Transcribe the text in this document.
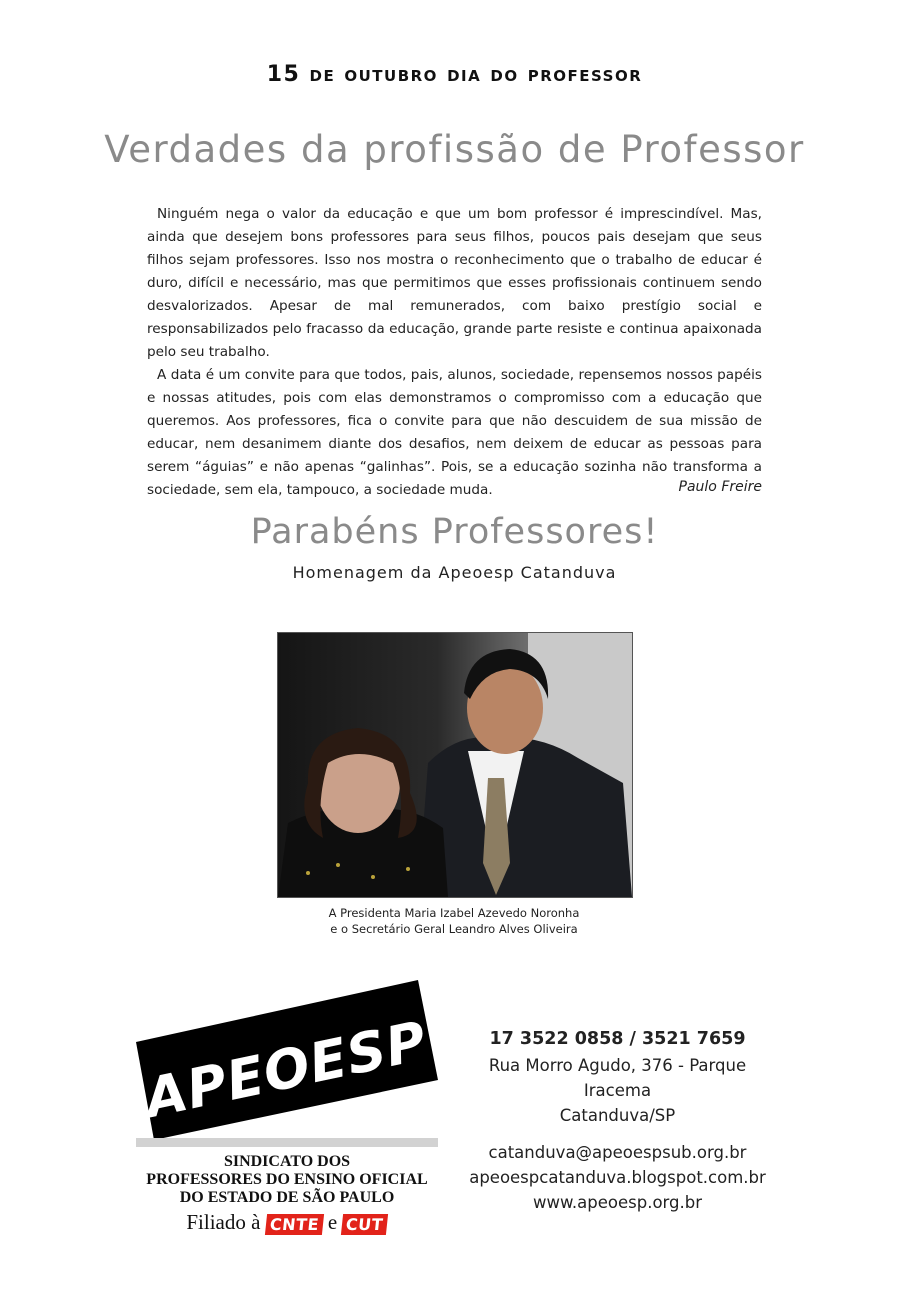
15 de outubro dia do professor
Verdades da profissão de Professor

Ninguém nega o valor da educação e que um bom professor é imprescindível. Mas, ainda que desejem bons professores para seus filhos, poucos pais desejam que seus filhos sejam professores. Isso nos mostra o reconhecimento que o trabalho de educar é duro, difícil e necessário, mas que permitimos que esses profissionais continuem sendo desvalorizados. Apesar de mal remunerados, com baixo prestígio social e responsabilizados pelo fracasso da educação, grande parte resiste e continua apaixonada pelo seu trabalho.

A data é um convite para que todos, pais, alunos, sociedade, repensemos nossos papéis e nossas atitudes, pois com elas demonstramos o compromisso com a educação que queremos. Aos professores, fica o convite para que não descuidem de sua missão de educar, nem desanimem diante dos desafios, nem deixem de educar as pessoas para serem “águias” e não apenas “galinhas”. Pois, se a educação sozinha não transforma a sociedade, sem ela, tampouco, a sociedade muda.	Paulo Freire
Parabéns Professores!
Homenagem da Apeoesp Catanduva
A Presidenta Maria Izabel Azevedo Noronha
e o Secretário Geral Leandro Alves Oliveira
APEOESP
SINDICATO DOS
PROFESSORES DO ENSINO OFICIAL
DO ESTADO DE SÃO PAULO
Filiado à CNTE e CUT
17 3522 0858 / 3521 7659
Rua Morro Agudo, 376 - Parque Iracema
Catanduva/SP
catanduva@apeoespsub.org.br
apeoespcatanduva.blogspot.com.br
www.apeoesp.org.br
